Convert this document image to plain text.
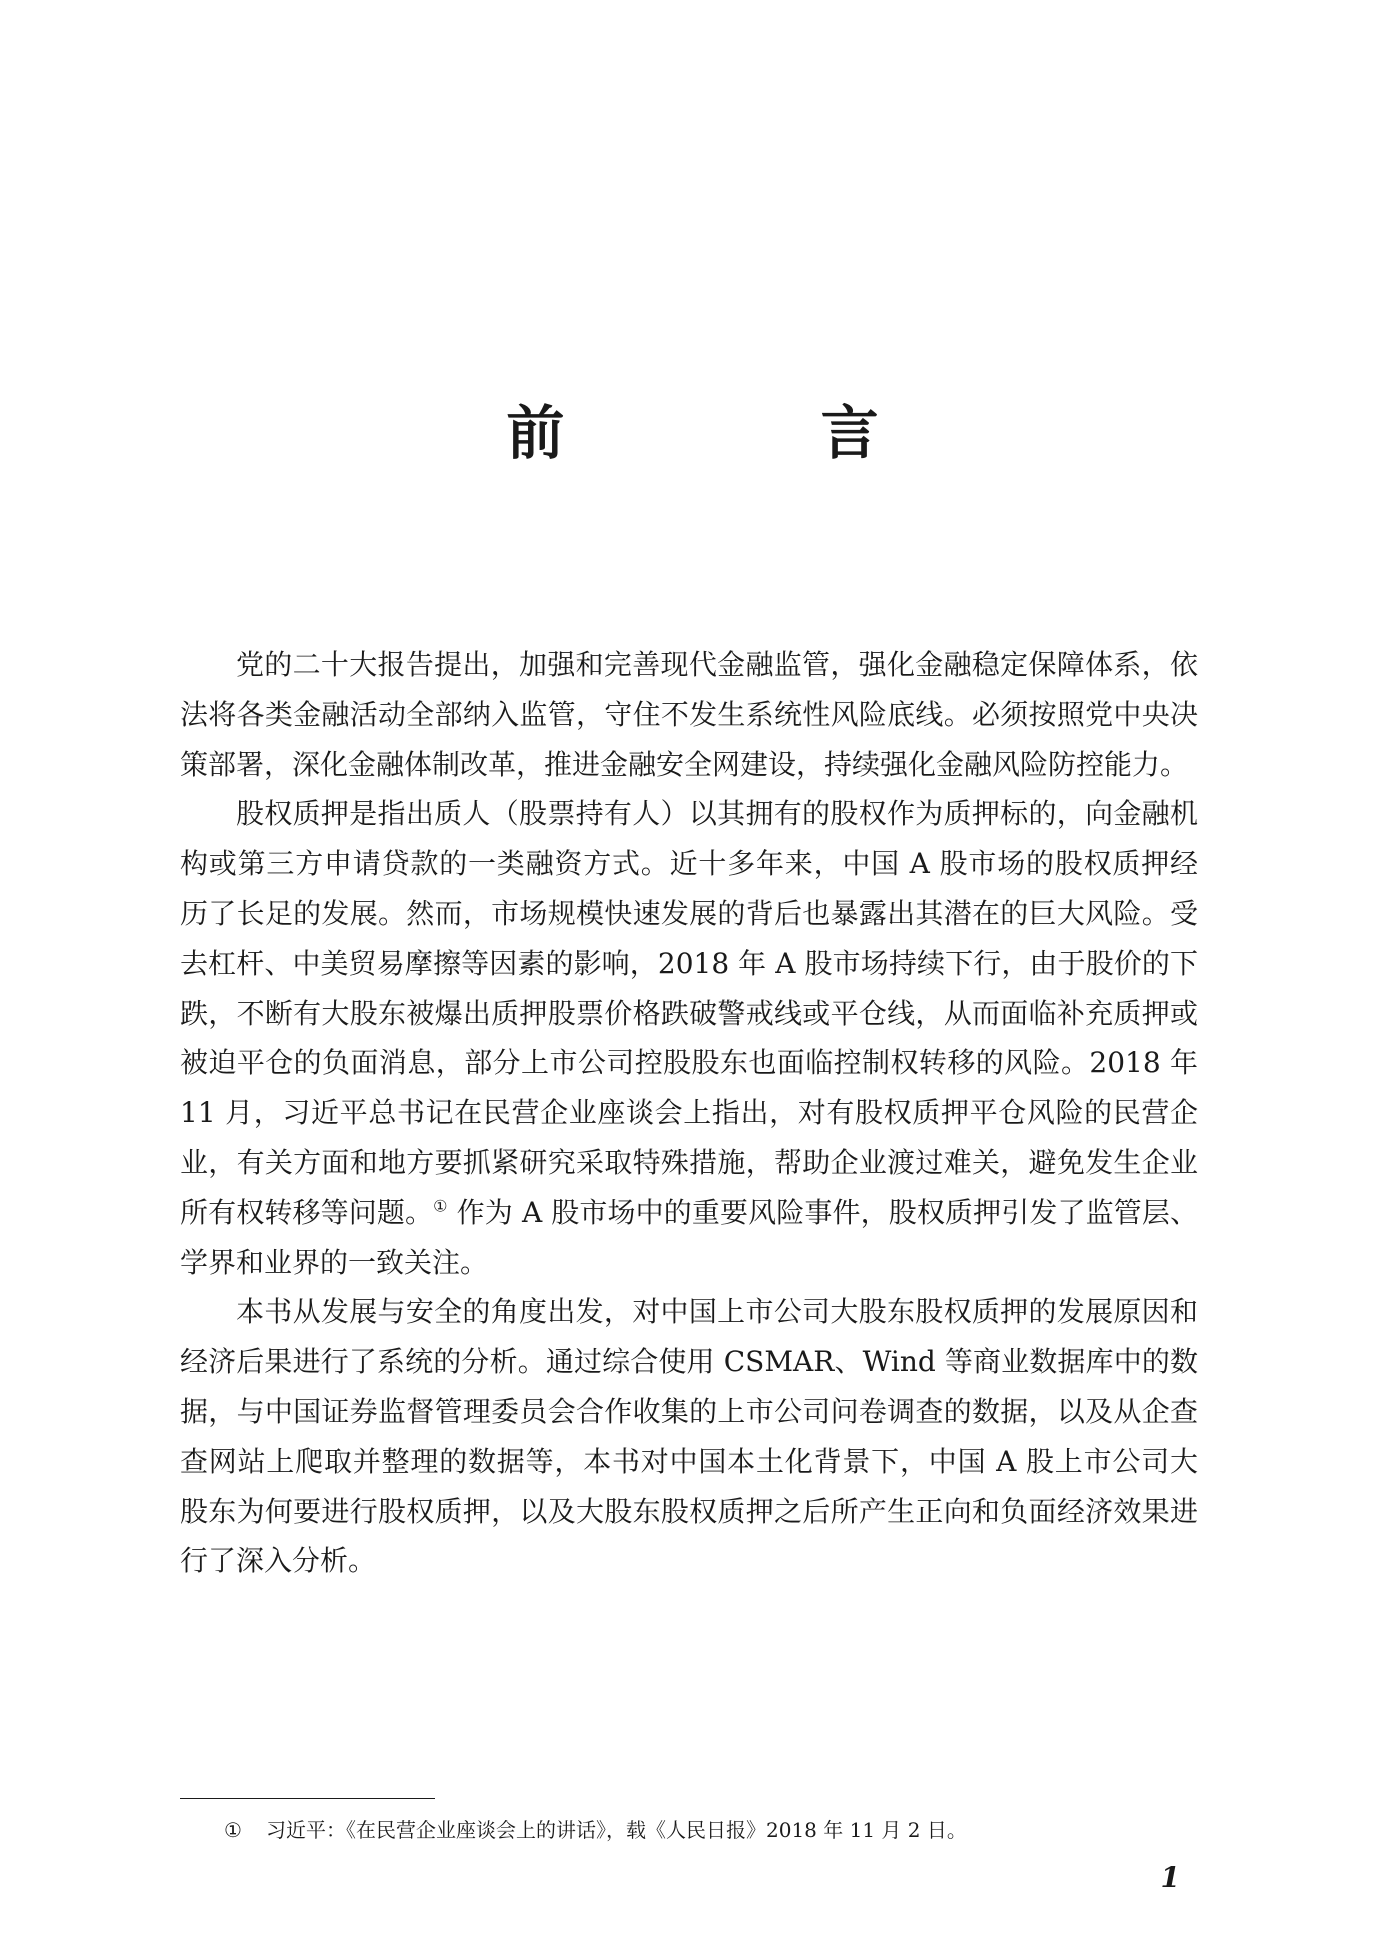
前 言

党的二十大报告提出，加强和完善现代金融监管，强化金融稳定保障体系，依法将各类金融活动全部纳入监管，守住不发生系统性风险底线。必须按照党中央决策部署，深化金融体制改革，推进金融安全网建设，持续强化金融风险防控能力。

股权质押是指出质人（股票持有人）以其拥有的股权作为质押标的，向金融机构或第三方申请贷款的一类融资方式。近十多年来，中国 A 股市场的股权质押经历了长足的发展。然而，市场规模快速发展的背后也暴露出其潜在的巨大风险。受去杠杆、中美贸易摩擦等因素的影响，2018 年 A 股市场持续下行，由于股价的下跌，不断有大股东被爆出质押股票价格跌破警戒线或平仓线，从而面临补充质押或被迫平仓的负面消息，部分上市公司控股股东也面临控制权转移的风险。2018 年 11 月，习近平总书记在民营企业座谈会上指出，对有股权质押平仓风险的民营企业，有关方面和地方要抓紧研究采取特殊措施，帮助企业渡过难关，避免发生企业所有权转移等问题。① 作为 A 股市场中的重要风险事件，股权质押引发了监管层、学界和业界的一致关注。

本书从发展与安全的角度出发，对中国上市公司大股东股权质押的发展原因和经济后果进行了系统的分析。通过综合使用 CSMAR、Wind 等商业数据库中的数据，与中国证券监督管理委员会合作收集的上市公司问卷调查的数据，以及从企查查网站上爬取并整理的数据等，本书对中国本土化背景下，中国 A 股上市公司大股东为何要进行股权质押，以及大股东股权质押之后所产生正向和负面经济效果进行了深入分析。

① 习近平：《在民营企业座谈会上的讲话》，载《人民日报》2018 年 11 月 2 日。
1
